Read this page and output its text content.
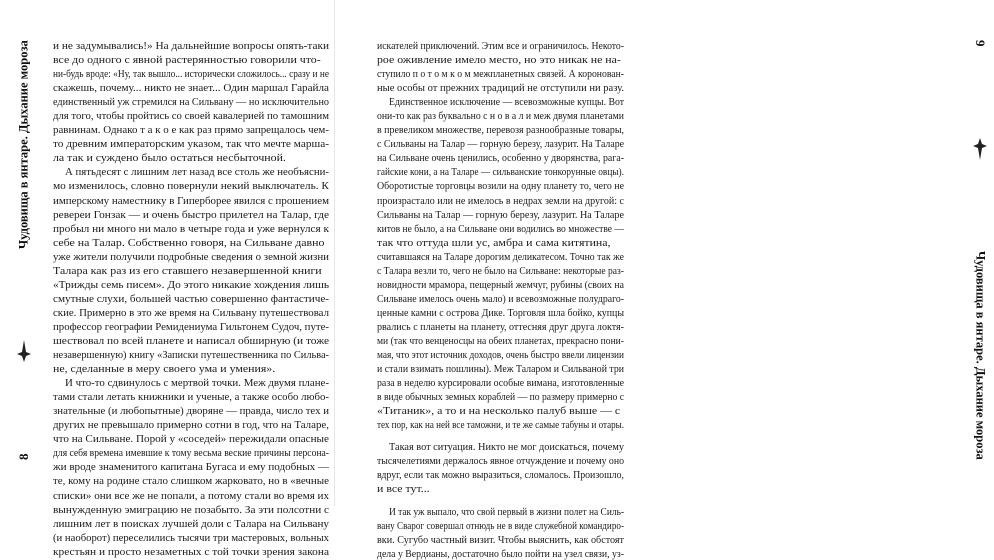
8
Чудовища в янтаре. Дыхание мороза и не задумывались!» На дальнейшие вопросы опять-таки
все до одного с явной растерянностью говорили что-
ни-будь вроде: «Ну, так вышло... исторически сложилось... сразу и не
скажешь, почему... никто не знает... Один маршал Гарайла
единственный уж стремился на Сильвану — но исключительно
для того, чтобы пройтись со своей кавалерией по тамошним
равнинам. Однако т а к о е как раз прямо запрещалось чем-
то древним императорским указом, так что мечте марша-
ла так и суждено было остаться несбыточной.
А пятьдесят с лишним лет назад все столь же необъясни-
мо изменилось, словно повернули некий выключатель. К
имперскому наместнику в Гиперборее явился с прошением
ревереи Гонзак — и очень быстро прилетел на Талар, где
пробыл ни много ни мало в четыре года и уже вернулся к
себе на Талар. Собственно говоря, на Сильване давно
уже жители получили подробные сведения о земной жизни
Талара как раз из его ставшего незавершенной книги
«Трижды семь писем». До этого никакие хождения лишь
смутные слухи, большей частью совершенно фантастиче-
ские. Примерно в это же время на Сильвану путешествовал
профессор географии Ремидениума Гильтонем Судоч, путе-
шествовал по всей планете и написал обширную (и тоже
незавершенную) книгу «Записки путешественника по Сильва-
не, сделанные в меру своего ума и умения».
И что-то сдвинулось с мертвой точки. Меж двумя плане-
тами стали летать книжники и ученые, а также особо любо-
знательные (и любопытные) дворяне — правда, число тех и
других не превышало примерно сотни в год, что на Таларе,
что на Сильване. Порой у «соседей» пережидали опасные
для себя времена имевшие к тому весьма веские причины персона-
жи вроде знаменитого капитана Бугаса и ему подобных —
те, кому на родине стало слишком жарковато, но в «вечные
списки» они все же не попали, а потому стали во время их
вынужденную эмиграцию не позабыто. За эти полсотни с
лишним лет в поисках лучшей доли с Талара на Сильвану
(и наоборот) переселились тысячи три мастеровых, вольных
крестьян и просто незаметных с той точки зрения закона
искателей приключений. Этим все и ограничилось. Некото-
рое оживление имело место, но это никак не на-
ступило п о т о м к о м межпланетных связей. А коронован-
ные особы от прежних традиций не отступили ни разу.
Единственное исключение — всевозможные купцы. Вот
они-то как раз буквально с н о в а л и меж двумя планетами
в превеликом множестве, перевозя разнообразные товары,
с Сильваны на Талар — горную березу, лазурит. На Таларе
на Сильване очень ценились, особенно у дворянства, рага-
гайские кони, а на Таларе — сильванские тонкорунные овцы).
Оборотистые торговцы возили на одну планету то, чего не
произрастало или не имелось в недрах земли на другой: с
Сильваны на Талар — горную березу, лазурит. На Таларе
китов не было, а на Сильване они водились во множестве —
так что оттуда шли ус, амбра и сама китятина,
считавшаяся на Таларе дорогим деликатесом. Точно так же
с Талара везли то, чего не было на Сильване: некоторые раз-
новидности мрамора, пещерный жемчуг, рубины (своих на
Сильване имелось очень мало) и всевозможные полудраго-
ценные камни с острова Дике. Торговля шла бойко, купцы
рвались с планеты на планету, оттесняя друг друга локтя-
ми (так что венценосцы на обеих планетах, прекрасно пони-
мая, что этот источник доходов, очень быстро ввели лицензии
и стали взимать пошлины). Меж Таларом и Сильваной три
раза в неделю курсировали особые вимана, изготовленные
в виде обычных земных кораблей — по размеру примерно с
«Титаник», а то и на несколько палуб выше — с
тех пор, как на ней все таможни, и те же самые табуны и отары.
Такая вот ситуация. Никто не мог доискаться, почему
тысячелетиями держалось явное отчуждение и почему оно
вдруг, если так можно выразиться, сломалось. Произошло,
и все тут...
И так уж выпало, что свой первый в жизни полет на Силь-
вану Сварог совершал отнюдь не в виде служебной командиро-
вки. Сугубо частный визит. Чтобы выяснить, как обстоят
дела у Вердианы, достаточно было пойти на узел связи, уз-
9
Чудовища в янтаре. Дыхание мороза
